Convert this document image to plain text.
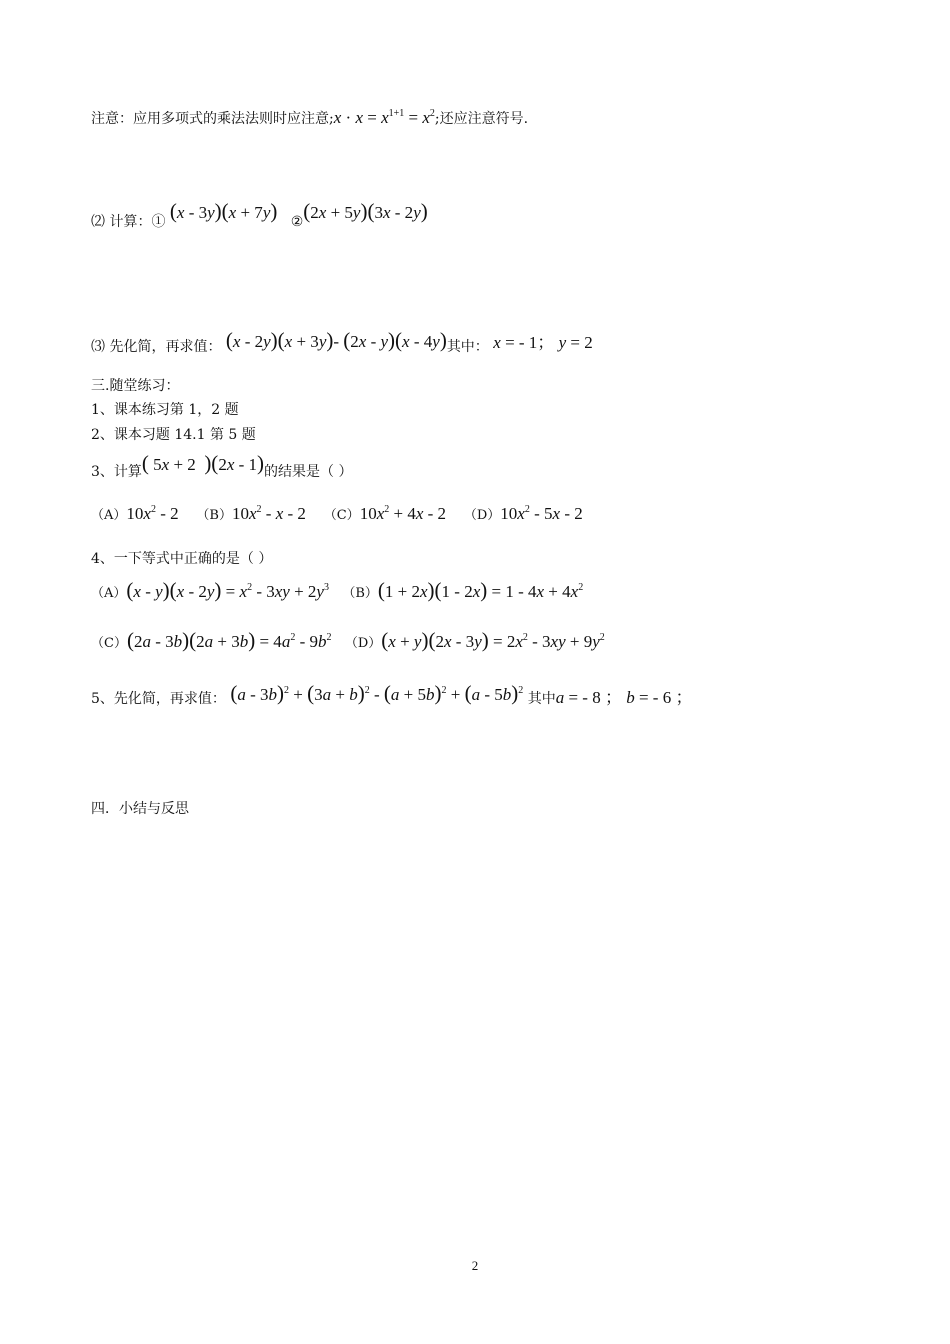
注意：应用多项式的乘法法则时应注意;x · $x = x^{1+1} = x^2$;还应注意符号.
⑵ 计算：① (x - 3y)(x + 7y) ②(2x + 5y)(3x - 2y)
⑶ 先化简，再求值： (x - 2y)(x + 3y)- (2x - y)(x - 4y)其中： x = - 1； y = 2
三.随堂练习：
1、课本练习第 1，2 题
2、课本习题 14.1 第 5 题
3、计算( 5x + 2  )(2x - 1)的结果是（ ）
$(A)10x^2 - 2$ $(B)10x^2$ - x - 2 $(C)10x^2 + 4x - 2$ $(D)10x^2 - 5x - 2$
4、一下等式中正确的是（ ）
$(A)(x - y)(x - 2y) = x^2 - 3xy + 2y^3$ $(B)(1 + 2x)(1 - 2x) = 1 - 4x + 4x^2$
$(C)(2a - 3b)(2a + 3b) = 4a^2 - 9b^2$ $(D)(x + y)(2x - 3y) = 2x^2 - 3xy + 9y^2$
5、先化简，再求值： $(a - 3b)^2 + (3a + b)^2 - (a + 5b)^2 + (a - 5b)^2$ 其中a = - 8 ； b = - 6 ；
四．小结与反思
2
